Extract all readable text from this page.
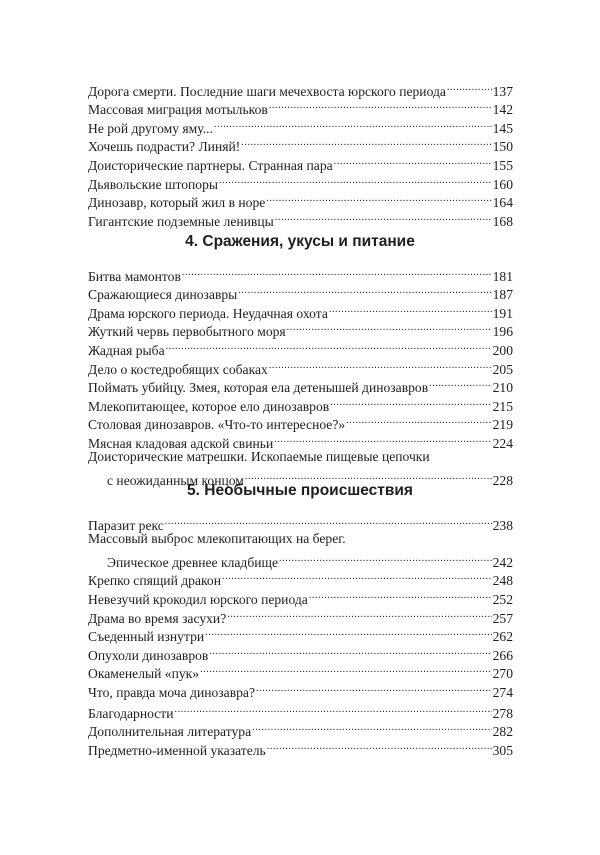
Дорога смерти. Последние шаги мечехвоста юрского периода .....	137
Массовая миграция мотыльков .....	142
Не рой другому яму... .....	145
Хочешь подрасти? Линяй! .....	150
Доисторические партнеры. Странная пара .....	155
Дьявольские штопоры .....	160
Динозавр, который жил в норе .....	164
Гигантские подземные ленивцы .....	168
4. Сражения, укусы и питание
Битва мамонтов .....	181
Сражающиеся динозавры .....	187
Драма юрского периода. Неудачная охота .....	191
Жуткий червь первобытного моря .....	196
Жадная рыба .....	200
Дело о костедробящих собаках .....	205
Поймать убийцу. Змея, которая ела детенышей динозавров .....	210
Млекопитающее, которое ело динозавров .....	215
Столовая динозавров. «Что-то интересное?» .....	219
Мясная кладовая адской свиньи .....	224
Доисторические матрешки. Ископаемые пищевые цепочки
с неожиданным концом .....	228
5. Необычные происшествия
Паразит рекс .....	238
Массовый выброс млекопитающих на берег.
Эпическое древнее кладбище .....	242
Крепко спящий дракон .....	248
Невезучий крокодил юрского периода .....	252
Драма во время засухи? .....	257
Съеденный изнутри .....	262
Опухоли динозавров .....	266
Окаменелый «пук» .....	270
Что, правда моча динозавра? .....	274
Благодарности .....	278
Дополнительная литература .....	282
Предметно-именной указатель .....	305
